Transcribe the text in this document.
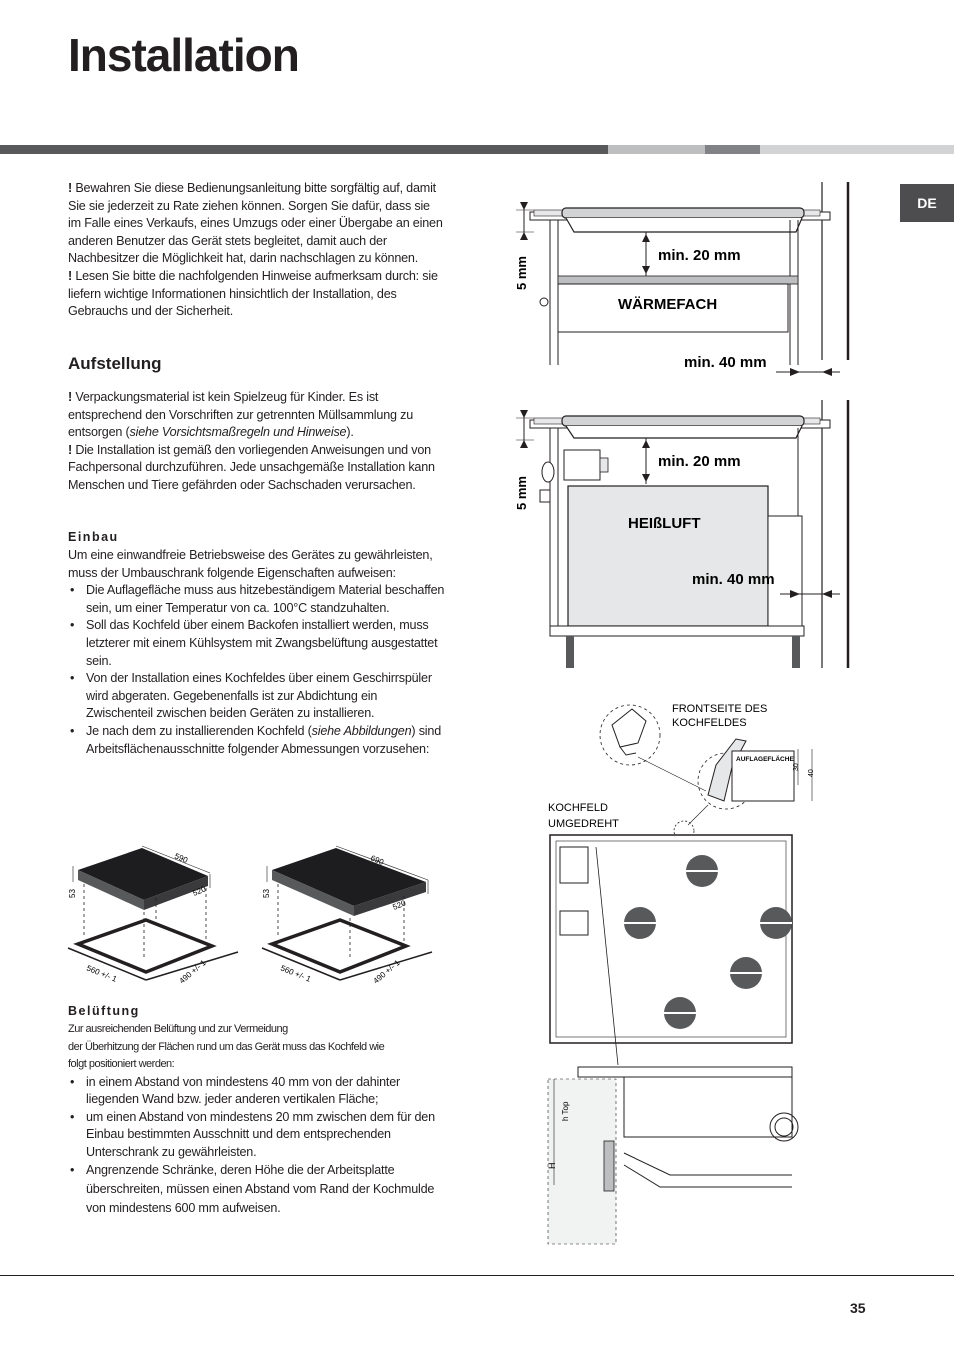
Installation
DE

! Bewahren Sie diese Bedienungsanleitung bitte sorgfältig auf, damit Sie sie jederzeit zu Rate ziehen können. Sorgen Sie dafür, dass sie im Falle eines Verkaufs, eines Umzugs oder einer Übergabe an einen anderen Benutzer das Gerät stets begleitet, damit auch der Nachbesitzer die Möglichkeit hat, darin nachschlagen zu können.

! Lesen Sie bitte die nachfolgenden Hinweise aufmerksam durch: sie liefern wichtige Informationen hinsichtlich der Installation, des Gebrauchs und der Sicherheit.

Aufstellung

! Verpackungsmaterial ist kein Spielzeug für Kinder. Es ist entsprechend den Vorschriften zur getrennten Müllsammlung zu entsorgen (siehe Vorsichtsmaßregeln und Hinweise).

! Die Installation ist gemäß den vorliegenden Anweisungen und von Fachpersonal durchzuführen. Jede unsachgemäße Installation kann Menschen und Tiere gefährden oder Sachschaden verursachen.

Einbau

Um eine einwandfreie Betriebsweise des Gerätes zu gewährleisten, muss der Umbauschrank folgende Eigenschaften aufweisen:

• Die Auflagefläche muss aus hitzebeständigem Material beschaffen sein, um einer Temperatur von ca. 100°C standzuhalten.
• Soll das Kochfeld über einem Backofen installiert werden, muss letzterer mit einem Kühlsystem mit Zwangsbelüftung ausgestattet sein.
• Von der Installation eines Kochfeldes über einem Geschirrspüler wird abgeraten. Gegebenenfalls ist zur Abdichtung ein Zwischenteil zwischen beiden Geräten zu installieren.
• Je nach dem zu installierenden Kochfeld (siehe Abbildungen) sind Arbeitsflächenausschnitte folgender Abmessungen vorzusehen:
590
520
53
560 +/- 1	490 +/- 1
690
520
53
560 +/- 1	490 +/- 1
Belüftung

Zur ausreichenden Belüftung und zur Vermeidung
der Überhitzung der Flächen rund um das Gerät muss das Kochfeld wie
folgt positioniert werden:

• in einem Abstand von mindestens 40 mm von der dahinter liegenden Wand bzw. jeder anderen vertikalen Fläche;
• um einen Abstand von mindestens 20 mm zwischen dem für den Einbau bestimmten Ausschnitt und dem entsprechenden Unterschrank zu gewährleisten.
• Angrenzende Schränke, deren Höhe die der Arbeitsplatte überschreiten, müssen einen Abstand vom Rand der Kochmulde von mindestens 600 mm aufweisen.
5 mm
min. 20 mm
WÄRMEFACH
min. 40 mm
5 mm
min. 20 mm
HEIßLUFT
min. 40 mm
FRONTSEITE DES
KOCHFELDES
AUFLAGEFLÄCHE
30
40
KOCHFELD
UMGEDREHT
h Top
H
35
